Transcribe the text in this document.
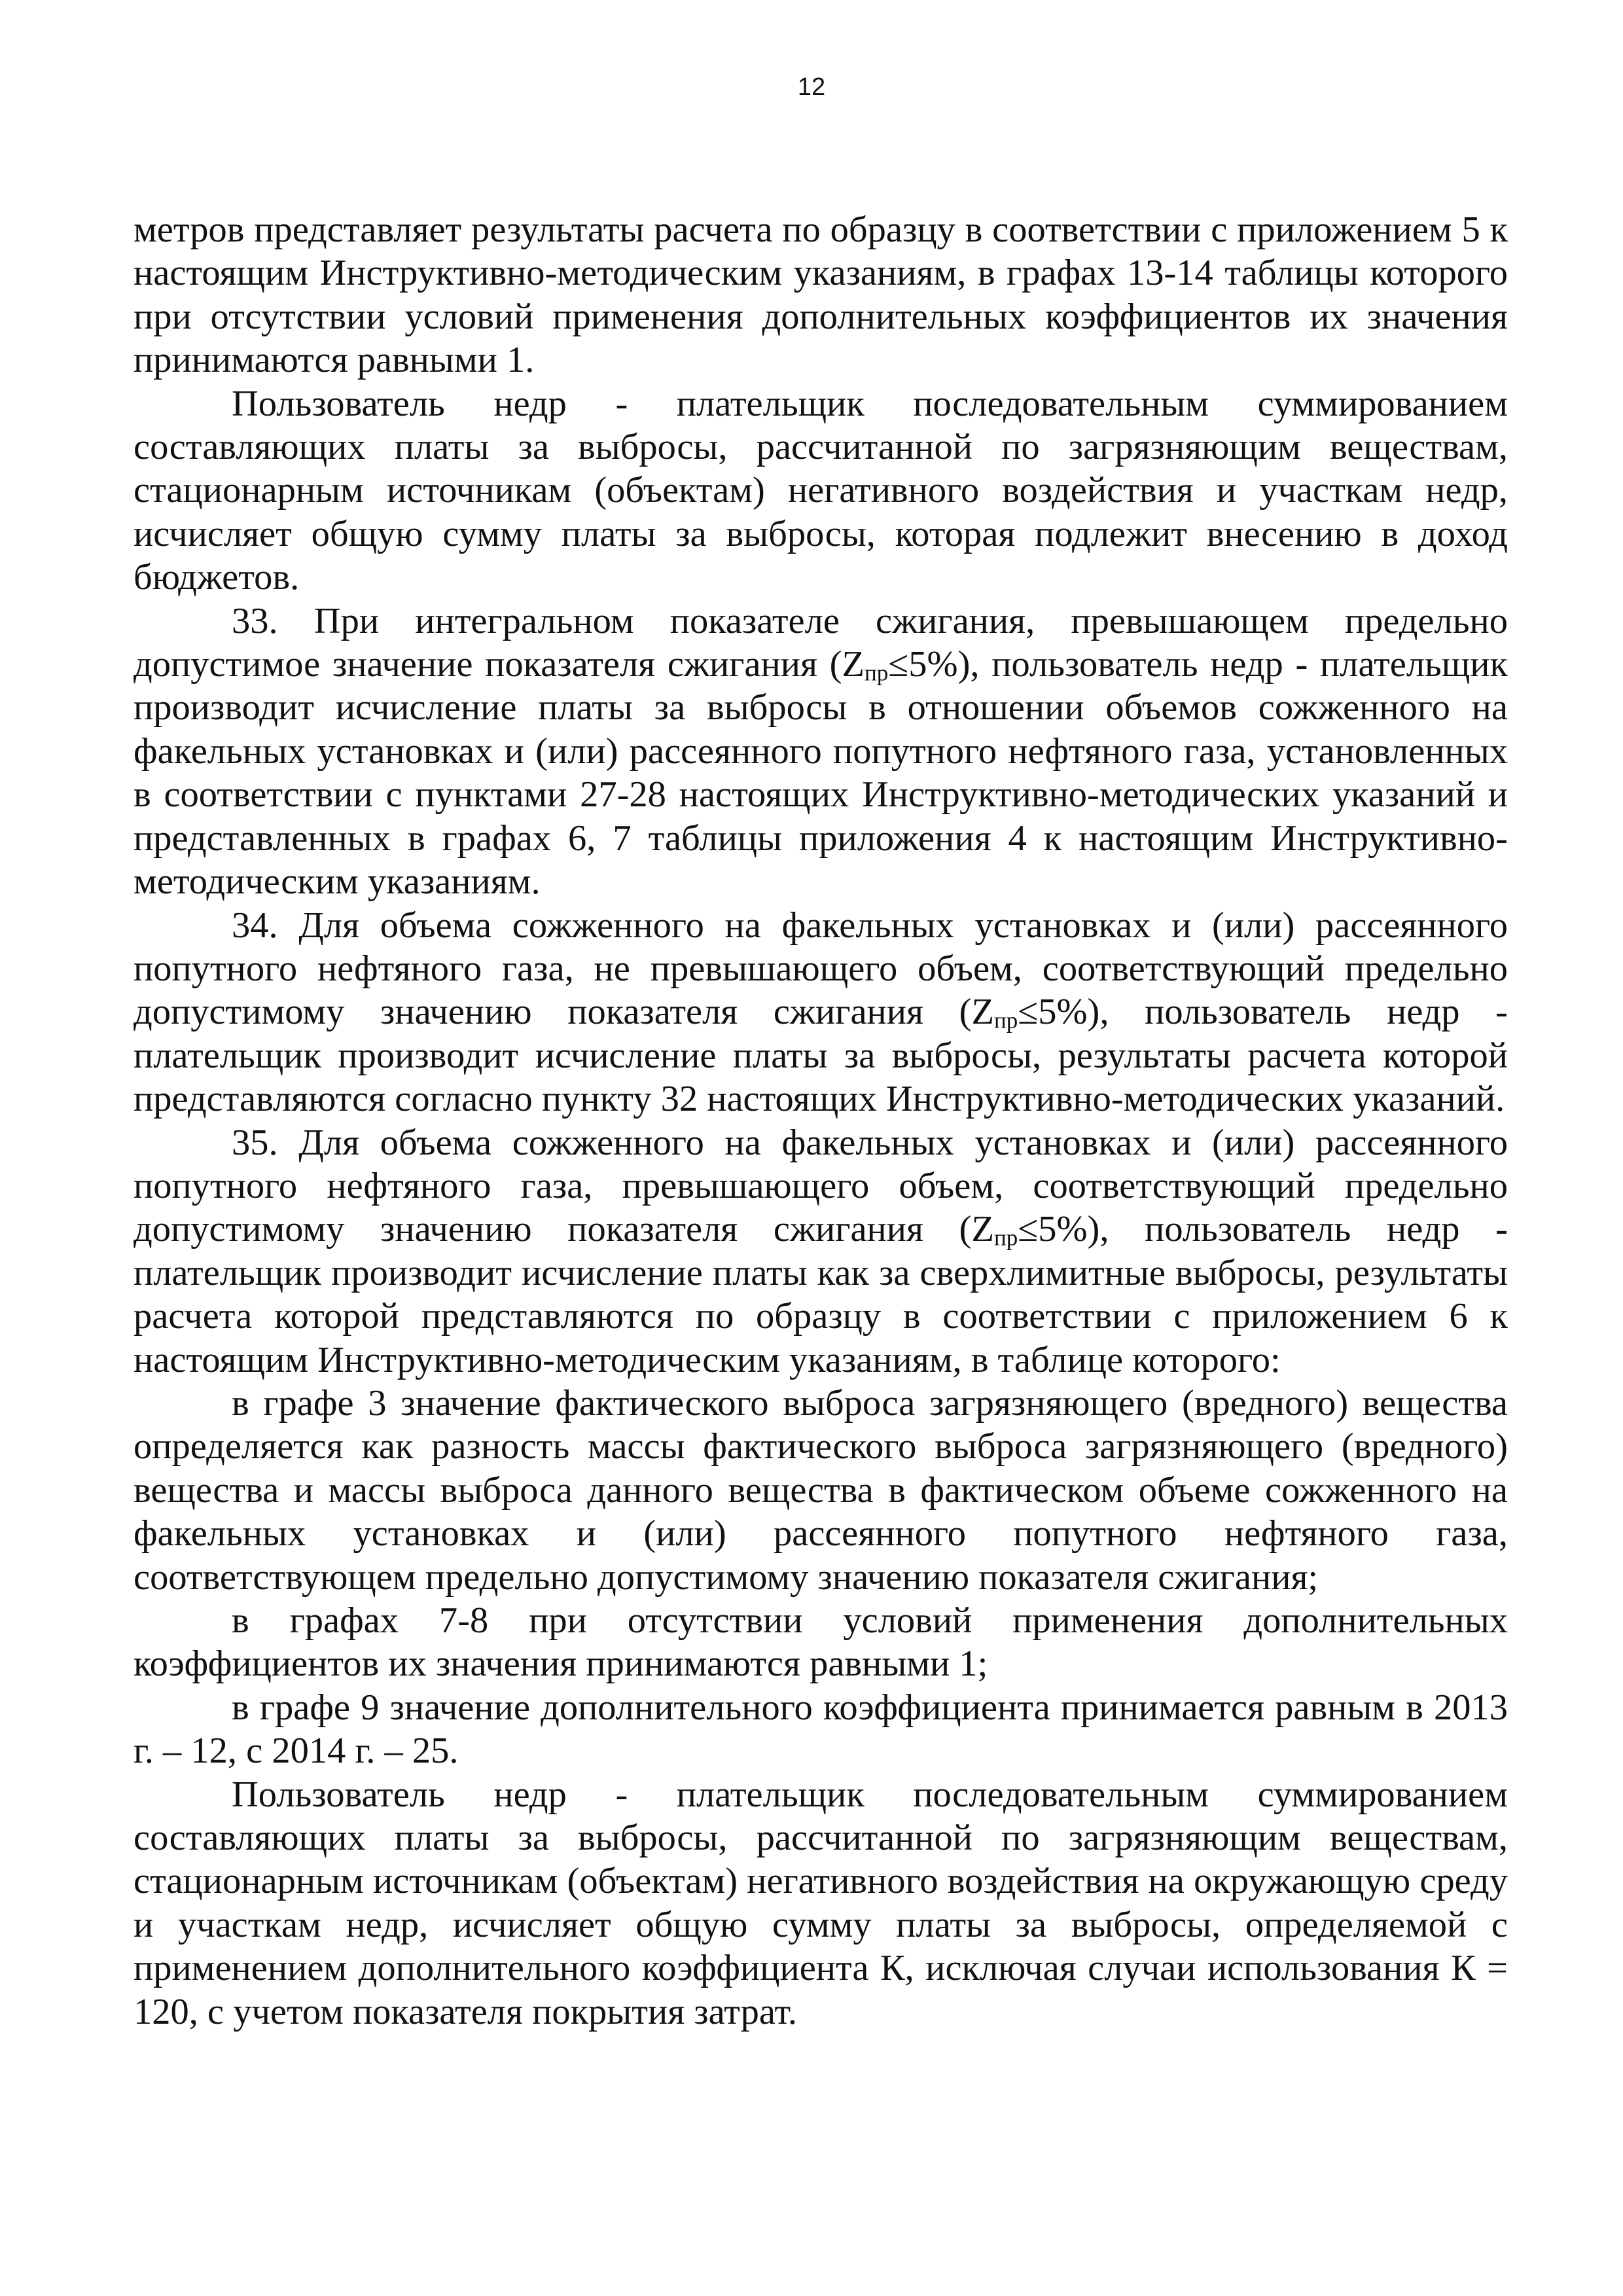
12

метров представляет результаты расчета по образцу в соответствии с приложением 5 к настоящим Инструктивно-методическим указаниям, в графах 13-14 таблицы которого при отсутствии условий применения дополнительных коэффициентов их значения принимаются равными 1.

Пользователь недр - плательщик последовательным суммированием составляющих платы за выбросы, рассчитанной по загрязняющим веществам, стационарным источникам (объектам) негативного воздействия и участкам недр, исчисляет общую сумму платы за выбросы, которая подлежит внесению в доход бюджетов.

33. При интегральном показателе сжигания, превышающем предельно допустимое значение показателя сжигания $(Z_{пр}\le 5\%)$, пользователь недр - плательщик производит исчисление платы за выбросы в отношении объемов сожженного на факельных установках и (или) рассеянного попутного нефтяного газа, установленных в соответствии с пунктами 27-28 настоящих Инструктивно-методических указаний и представленных в графах 6, 7 таблицы приложения 4 к настоящим Инструктивно-методическим указаниям.

34. Для объема сожженного на факельных установках и (или) рассеянного попутного нефтяного газа, не превышающего объем, соответствующий предельно допустимому значению показателя сжигания $(Z_{пр}\le 5\%)$, пользователь недр - плательщик производит исчисление платы за выбросы, результаты расчета которой представляются согласно пункту 32 настоящих Инструктивно-методических указаний.

35. Для объема сожженного на факельных установках и (или) рассеянного попутного нефтяного газа, превышающего объем, соответствующий предельно допустимому значению показателя сжигания $(Z_{пр}\le 5\%)$, пользователь недр - плательщик производит исчисление платы как за сверхлимитные выбросы, результаты расчета которой представляются по образцу в соответствии с приложением 6 к настоящим Инструктивно-методическим указаниям, в таблице которого:

в графе 3 значение фактического выброса загрязняющего (вредного) вещества определяется как разность массы фактического выброса загрязняющего (вредного) вещества и массы выброса данного вещества в фактическом объеме сожженного на факельных установках и (или) рассеянного попутного нефтяного газа, соответствующем предельно допустимому значению показателя сжигания;

в графах 7-8 при отсутствии условий применения дополнительных коэффициентов их значения принимаются равными 1;

в графе 9 значение дополнительного коэффициента принимается равным в 2013 г. – 12, с 2014 г. – 25.

Пользователь недр - плательщик последовательным суммированием составляющих платы за выбросы, рассчитанной по загрязняющим веществам, стационарным источникам (объектам) негативного воздействия на окружающую среду и участкам недр, исчисляет общую сумму платы за выбросы, определяемой с применением дополнительного коэффициента К, исключая случаи использования К = 120, с учетом показателя покрытия затрат.
